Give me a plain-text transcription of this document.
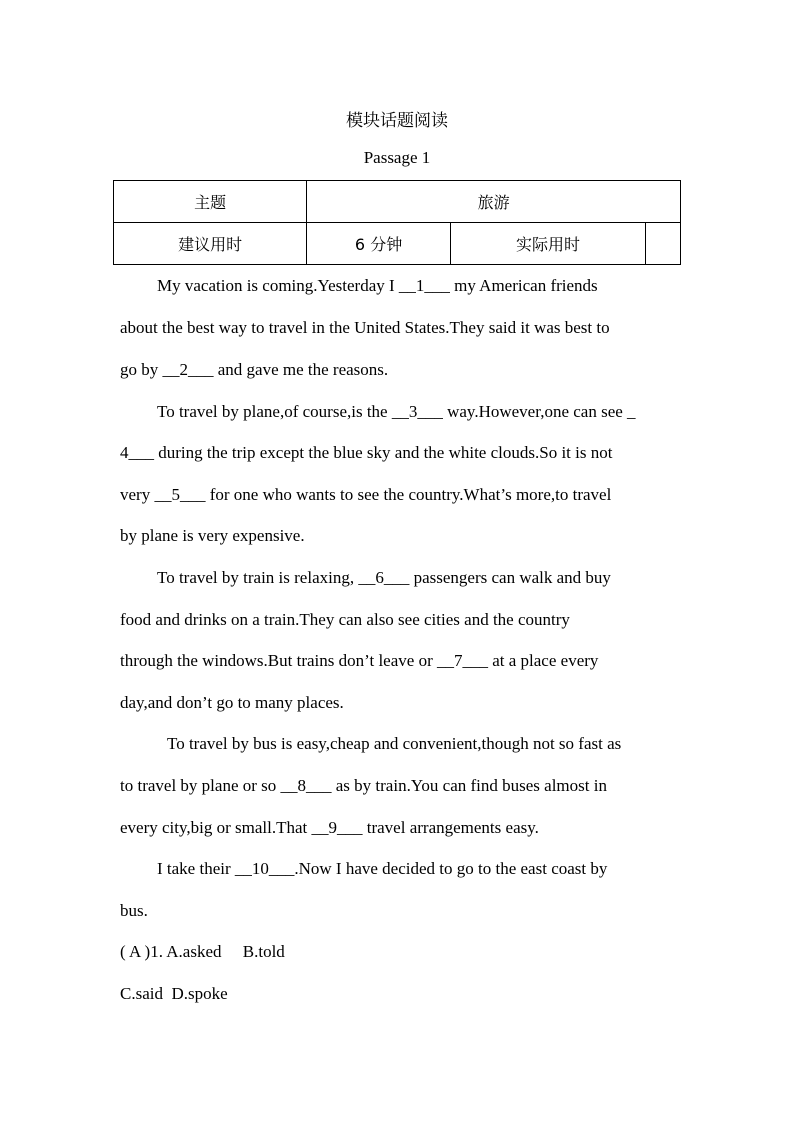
模块话题阅读
Passage 1
主题	旅游		
建议用时	6 分钟	实际用时	
My vacation is coming.Yesterday I __1___ my American friends
about the best way to travel in the United States.They said it was best to
go by __2___ and gave me the reasons.
To travel by plane,of course,is the __3___ way.However,one can see _
4___ during the trip except the blue sky and the white clouds.So it is not
very __5___ for one who wants to see the country.What’s more,to travel
by plane is very expensive.
To travel by train is relaxing, __6___ passengers can walk and buy
food and drinks on a train.They can also see cities and the country
through the windows.But trains don’t leave or __7___ at a place every
day,and don’t go to many places.
To travel by bus is easy,cheap and convenient,though not so fast as
to travel by plane or so __8___ as by train.You can find buses almost in
every city,big or small.That __9___ travel arrangements easy.
I take their __10___.Now I have decided to go to the east coast by
bus.
( A )1. A.asked     B.told
C.said  D.spoke
